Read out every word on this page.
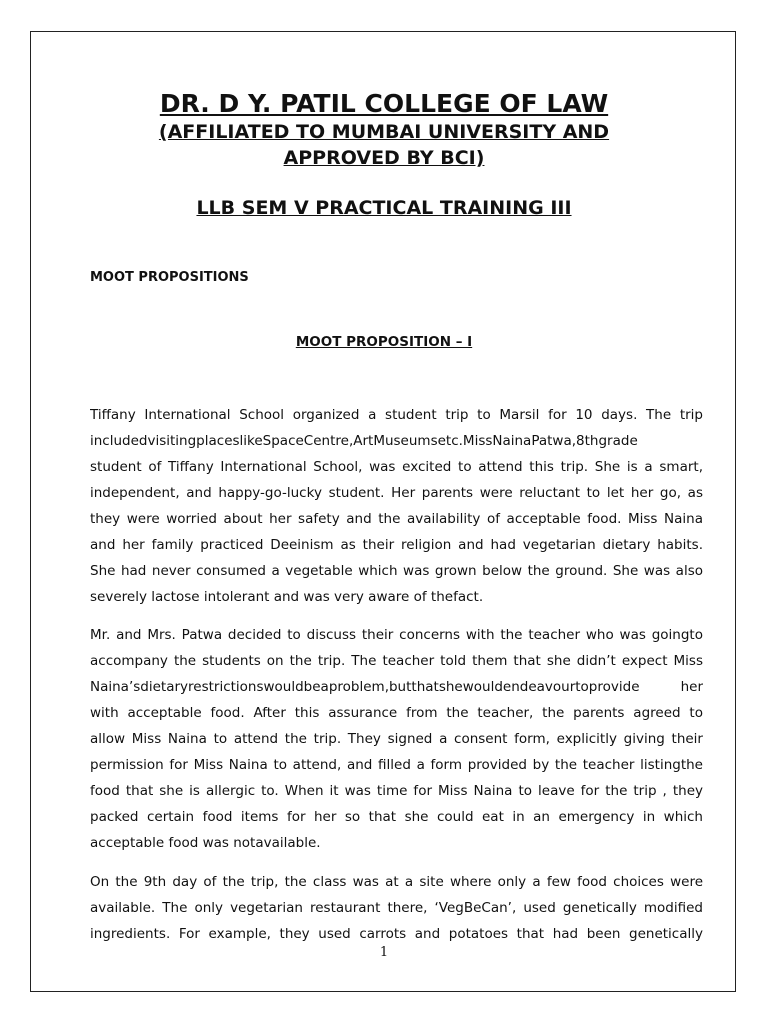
DR. D Y. PATIL COLLEGE OF LAW
(AFFILIATED TO MUMBAI UNIVERSITY AND
APPROVED BY BCI)
LLB SEM V PRACTICAL TRAINING III
MOOT PROPOSITIONS
MOOT PROPOSITION – I
Tiffany International School organized a student trip to Marsil for 10 days. The trip
includedvisitingplaceslikeSpaceCentre,ArtMuseumsetc.MissNainaPatwa,8thgrade
student of Tiffany International School, was excited to attend this trip. She is a smart,
independent, and happy-go-lucky student. Her parents were reluctant to let her go, as
they were worried about her safety and the availability of acceptable food. Miss Naina
and her family practiced Deeinism as their religion and had vegetarian dietary habits.
She had never consumed a vegetable which was grown below the ground. She was also
severely lactose intolerant and was very aware of thefact.
Mr. and Mrs. Patwa decided to discuss their concerns with the teacher who was goingto
accompany the students on the trip. The teacher told them that she didn’t expect Miss
Naina’sdietaryrestrictionswouldbeaproblem,butthatshewouldendeavourtoprovide her
with acceptable food. After this assurance from the teacher, the parents agreed to
allow Miss Naina to attend the trip. They signed a consent form, explicitly giving their
permission for Miss Naina to attend, and filled a form provided by the teacher listingthe
food that she is allergic to. When it was time for Miss Naina to leave for the trip , they
packed certain food items for her so that she could eat in an emergency in which
acceptable food was notavailable.
On the 9th day of the trip, the class was at a site where only a few food choices were
available. The only vegetarian restaurant there, ‘VegBeCan’, used genetically modified
ingredients. For example, they used carrots and potatoes that had been genetically
1
